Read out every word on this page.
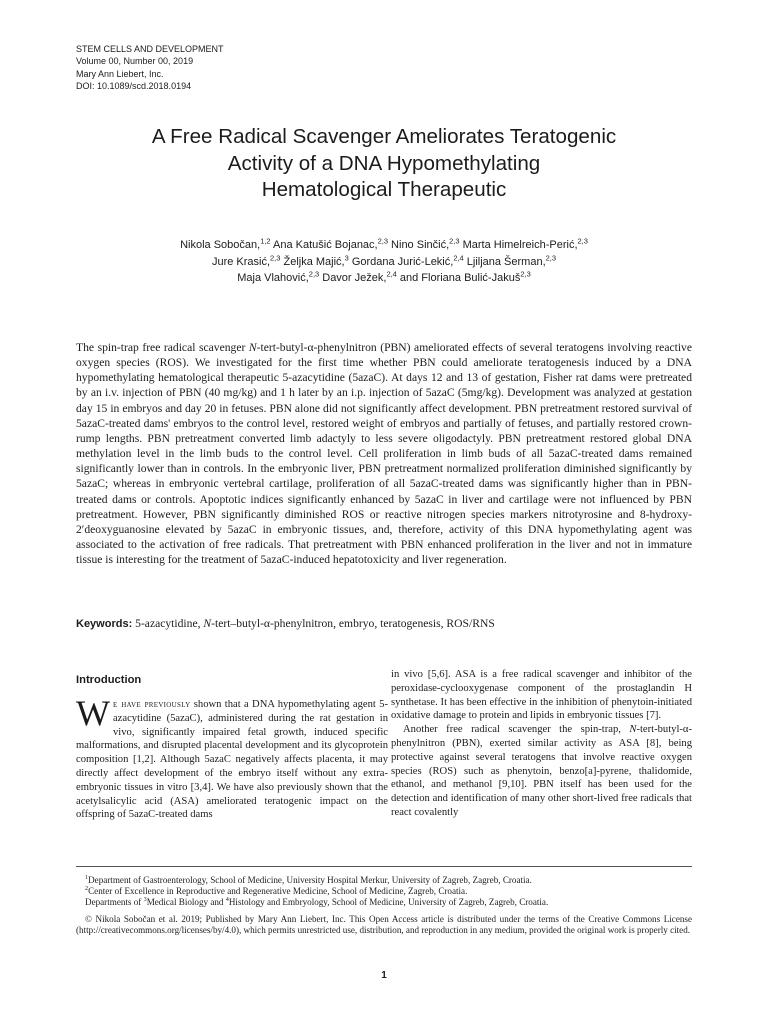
STEM CELLS AND DEVELOPMENT
Volume 00, Number 00, 2019
Mary Ann Liebert, Inc.
DOI: 10.1089/scd.2018.0194
A Free Radical Scavenger Ameliorates Teratogenic
Activity of a DNA Hypomethylating
Hematological Therapeutic
Nikola Sobočan,$^{1,2}$ Ana Katušić Bojanac,$^{2,3}$ Nino Sinčić,$^{2,3}$ Marta Himelreich-Perić,$^{2,3}$
Jure Krasić,$^{2,3}$ Željka Majić,$^3$ Gordana Jurić-Lekić,$^{2,4}$ Ljiljana Šerman,$^{2,3}$
Maja Vlahović,$^{2,3}$ Davor Ježek,$^{2,4}$ and Floriana Bulić-Jakuš$^{2,3}$
The spin-trap free radical scavenger N-tert-butyl-α-phenylnitron (PBN) ameliorated effects of several teratogens involving reactive oxygen species (ROS). We investigated for the first time whether PBN could ameliorate teratogenesis induced by a DNA hypomethylating hematological therapeutic 5-azacytidine (5azaC). At days 12 and 13 of gestation, Fisher rat dams were pretreated by an i.v. injection of PBN (40 mg/kg) and 1 h later by an i.p. injection of 5azaC (5mg/kg). Development was analyzed at gestation day 15 in embryos and day 20 in fetuses. PBN alone did not significantly affect development. PBN pretreatment restored survival of 5azaC-treated dams' embryos to the control level, restored weight of embryos and partially of fetuses, and partially restored crown-rump lengths. PBN pretreatment converted limb adactyly to less severe oligodactyly. PBN pretreatment restored global DNA methylation level in the limb buds to the control level. Cell proliferation in limb buds of all 5azaC-treated dams remained significantly lower than in controls. In the embryonic liver, PBN pretreatment normalized proliferation diminished significantly by 5azaC; whereas in embryonic vertebral cartilage, proliferation of all 5azaC-treated dams was significantly higher than in PBN-treated dams or controls. Apoptotic indices significantly enhanced by 5azaC in liver and cartilage were not influenced by PBN pretreatment. However, PBN significantly diminished ROS or reactive nitrogen species markers nitrotyrosine and 8-hydroxy-2′deoxyguanosine elevated by 5azaC in embryonic tissues, and, therefore, activity of this DNA hypomethylating agent was associated to the activation of free radicals. That pretreatment with PBN enhanced proliferation in the liver and not in immature tissue is interesting for the treatment of 5azaC-induced hepatotoxicity and liver regeneration.
Keywords: 5-azacytidine, N-tert–butyl-α-phenylnitron, embryo, teratogenesis, ROS/RNS
Introduction
We have previously shown that a DNA hypomethylating agent 5-azacytidine (5azaC), administered during the rat gestation in vivo, significantly impaired fetal growth, induced specific malformations, and disrupted placental development and its glycoprotein composition [1,2]. Although 5azaC negatively affects placenta, it may directly affect development of the embryo itself without any extra-embryonic tissues in vitro [3,4]. We have also previously shown that the acetylsalicylic acid (ASA) ameliorated teratogenic impact on the offspring of 5azaC-treated dams

in vivo [5,6]. ASA is a free radical scavenger and inhibitor of the peroxidase-cyclooxygenase component of the prostaglandin H synthetase. It has been effective in the inhibition of phenytoin-initiated oxidative damage to protein and lipids in embryonic tissues [7].

Another free radical scavenger the spin-trap, N-tert-butyl-α-phenylnitron (PBN), exerted similar activity as ASA [8], being protective against several teratogens that involve reactive oxygen species (ROS) such as phenytoin, benzo[a]-pyrene, thalidomide, ethanol, and methanol [9,10]. PBN itself has been used for the detection and identification of many other short-lived free radicals that react covalently

$^1$Department of Gastroenterology, School of Medicine, University Hospital Merkur, University of Zagreb, Zagreb, Croatia.
$^2$Center of Excellence in Reproductive and Regenerative Medicine, School of Medicine, Zagreb, Croatia.
Departments of $^3$Medical Biology and $^4$Histology and Embryology, School of Medicine, University of Zagreb, Zagreb, Croatia.
© Nikola Sobočan et al. 2019; Published by Mary Ann Liebert, Inc. This Open Access article is distributed under the terms of the Creative Commons License (http://creativecommons.org/licenses/by/4.0), which permits unrestricted use, distribution, and reproduction in any medium, provided the original work is properly cited.
1
